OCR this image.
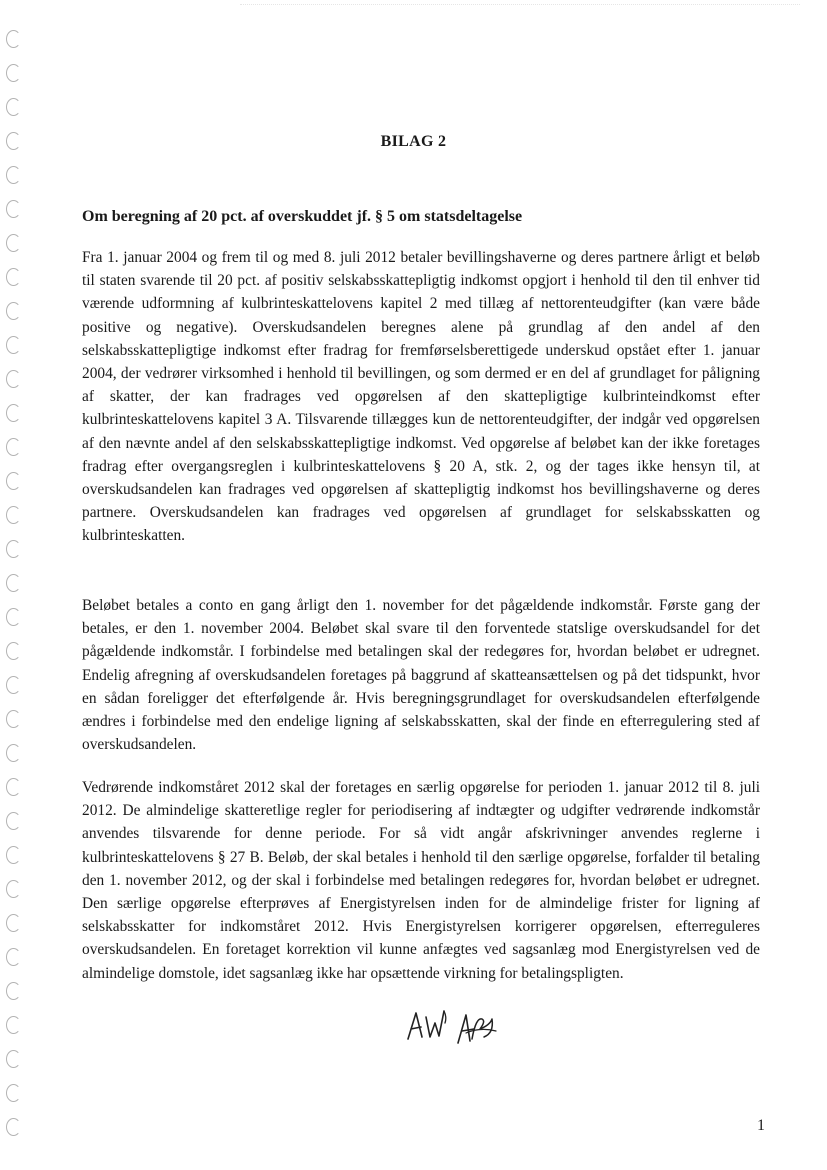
BILAG 2
Om beregning af 20 pct. af overskuddet jf. § 5 om statsdeltagelse

Fra 1. januar 2004 og frem til og med 8. juli 2012 betaler bevillingshaverne og deres partnere årligt et beløb til staten svarende til 20 pct. af positiv selskabsskattepligtig indkomst opgjort i henhold til den til enhver tid værende udformning af kulbrinteskattelovens kapitel 2 med tillæg af nettorenteudgifter (kan være både positive og negative). Overskudsandelen beregnes alene på grundlag af den andel af den selskabsskattepligtige indkomst efter fradrag for fremførselsberettigede underskud opstået efter 1. januar 2004, der vedrører virksomhed i henhold til bevillingen, og som dermed er en del af grundlaget for påligning af skatter, der kan fradrages ved opgørelsen af den skattepligtige kulbrinteindkomst efter kulbrinteskattelovens kapitel 3 A. Tilsvarende tillægges kun de nettorenteudgifter, der indgår ved opgørelsen af den nævnte andel af den selskabsskattepligtige indkomst. Ved opgørelse af beløbet kan der ikke foretages fradrag efter overgangsreglen i kulbrinteskattelovens § 20 A, stk. 2, og der tages ikke hensyn til, at overskudsandelen kan fradrages ved opgørelsen af skattepligtig indkomst hos bevillingshaverne og deres partnere. Overskudsandelen kan fradrages ved opgørelsen af grundlaget for selskabsskatten og kulbrinteskatten.

Beløbet betales a conto en gang årligt den 1. november for det pågældende indkomstår. Første gang der betales, er den 1. november 2004. Beløbet skal svare til den forventede statslige overskudsandel for det pågældende indkomstår. I forbindelse med betalingen skal der redegøres for, hvordan beløbet er udregnet. Endelig afregning af overskudsandelen foretages på baggrund af skatteansættelsen og på det tidspunkt, hvor en sådan foreligger det efterfølgende år. Hvis beregningsgrundlaget for overskudsandelen efterfølgende ændres i forbindelse med den endelige ligning af selskabsskatten, skal der finde en efterregulering sted af overskudsandelen.

Vedrørende indkomståret 2012 skal der foretages en særlig opgørelse for perioden 1. januar 2012 til 8. juli 2012. De almindelige skatteretlige regler for periodisering af indtægter og udgifter vedrørende indkomstår anvendes tilsvarende for denne periode. For så vidt angår afskrivninger anvendes reglerne i kulbrinteskattelovens § 27 B. Beløb, der skal betales i henhold til den særlige opgørelse, forfalder til betaling den 1. november 2012, og der skal i forbindelse med betalingen redegøres for, hvordan beløbet er udregnet. Den særlige opgørelse efterprøves af Energistyrelsen inden for de almindelige frister for ligning af selskabsskatter for indkomståret 2012. Hvis Energistyrelsen korrigerer opgørelsen, efterreguleres overskudsandelen. En foretaget korrektion vil kunne anfægtes ved sagsanlæg mod Energistyrelsen ved de almindelige domstole, idet sagsanlæg ikke har opsættende virkning for betalingspligten.

1
